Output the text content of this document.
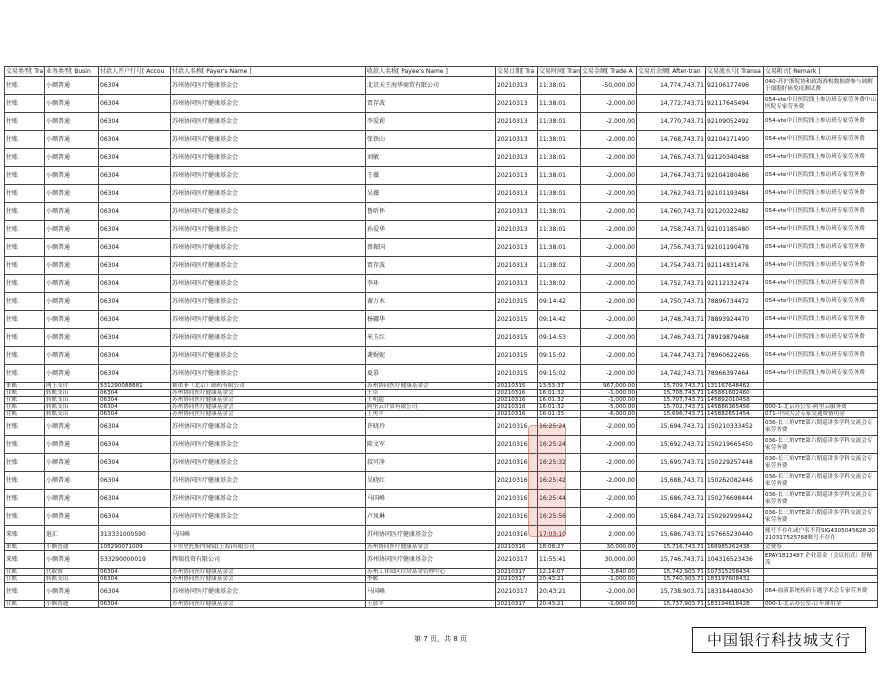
交易类型[ Tra	业务类型[ Busin	付款人开户行号[ Accou	付款人名称[ Payer's Name ]	收款人名称[ Payee's Name ]	交易日期[ Tra	交易时间[ Tran	交易金额[ Trade A	交易后余额[ After-tran	交易流水号[ Transa	交易附言[ Remark ]
往账	小额普通	06304	苏州协同医疗健康基金会	北京天王海华商贸有限公司	20210313	11:38:01	-50,000.00	14,774,743.71	92106177496	040-苏沪浙皖协和政海淮根数据群参与调解于细胞肝癌免疫测试费
往账	小额普通	06304	苏州协同医疗健康基金会	贾存波	20210313	11:38:01	-2,000.00	14,772,743.71	92117645494	054-vte中日医院线上参访班专家劳务费中山医院专家劳务费
往账	小额普通	06304	苏州协同医疗健康基金会	李爱莉	20210313	11:38:01	-2,000.00	14,770,743.71	92109052492	054-vte中日医院线上参访班专家劳务费
往账	小额普通	06304	苏州协同医疗健康基金会	张铁山	20210313	11:38:01	-2,000.00	14,768,743.71	92104171490	054-vte中日医院线上参访班专家劳务费
往账	小额普通	06304	苏州协同医疗健康基金会	刘敏	20210313	11:38:01	-2,000.00	14,766,743.71	92120340488	054-vte中日医院线上参访班专家劳务费
往账	小额普通	06304	苏州协同医疗健康基金会	王薇	20210313	11:38:01	-2,000.00	14,764,743.71	92104180486	054-vte中日医院线上参访班专家劳务费
往账	小额普通	06304	苏州协同医疗健康基金会	吴薇	20210313	11:38:01	-2,000.00	14,762,743.71	92101193484	054-vte中日医院线上参访班专家劳务费
往账	小额普通	06304	苏州协同医疗健康基金会	鲁昕怀	20210313	11:38:01	-2,000.00	14,760,743.71	92120322482	054-vte中日医院线上参访班专家劳务费
往账	小额普通	06304	苏州协同医疗健康基金会	孙爱华	20210313	11:38:01	-2,000.00	14,758,743.71	92101185480	054-vte中日医院线上参访班专家劳务费
往账	小额普通	06304	苏州协同医疗健康基金会	蔡振国	20210313	11:38:01	-2,000.00	14,756,743.71	92101190478	054-vte中日医院线上参访班专家劳务费
往账	小额普通	06304	苏州协同医疗健康基金会	贾存波	20210313	11:38:02	-2,000.00	14,754,743.71	92114831476	054-vte中日医院线上参访班专家劳务费
往账	小额普通	06304	苏州协同医疗健康基金会	李环	20210313	11:38:02	-2,000.00	14,752,743.71	92112132474	054-vte中日医院线上参访班专家劳务费
往账	小额普通	06304	苏州协同医疗健康基金会	谢万木	20210315	09:14:42	-2,000.00	14,750,743.71	78896734472	054-vte中日医院线上参访班专家劳务费
往账	小额普通	06304	苏州协同医疗健康基金会	杨娜华	20210315	09:14:42	-2,000.00	14,748,743.71	78893924470	054-vte中日医院线上参访班专家劳务费
往账	小额普通	06304	苏州协同医疗健康基金会	米玉红	20210315	09:14:53	-2,000.00	14,746,743.71	78919879468	054-vte中日医院线上参访班专家劳务费
往账	小额普通	06304	苏州协同医疗健康基金会	龚娓妮	20210315	09:15:02	-2,000.00	14,744,743.71	78960622466	054-vte中日医院线上参访班专家劳务费
往账	小额普通	06304	苏州协同医疗健康基金会	夏慕	20210315	09:15:02	-2,000.00	14,742,743.71	78966397464	054-vte中日医院线上参访班专家劳务费
来账	网上支付	531290088881	赛诺菲（北京）制药有限公司	苏州协同医疗健康基金会	20210315	13:53:37	967,000.00	15,709,743.71	131167648462	
往账	转账支出	06304	苏州协同医疗健康基金会	王卓	20210316	16:01:32	-1,000.00	15,708,743.71	145881602460	
往账	转账支出	06304	苏州协同医疗健康基金会	王明超	20210316	16:01:32	-1,000.00	15,707,743.71	145892010458	
往账	转账支出	06304	苏州协同医疗健康基金会	阿里云计算有限公司	20210316	16:01:32	-5,000.00	15,702,743.71	145886365456	000-1-北京办公室-阿里云服务费
往账	转账支出	06304	苏州协同医疗健康基金会	王勇平	20210316	16:01:35	-6,000.00	15,696,743.71	145882651454	071-中国大会专家交通费备用金
往账	小额普通	06304	苏州协同医疗健康基金会	许晓玲	20210316	16:25:24	-2,000.00	15,694,743.71	150210333452	036-长三角VTE第六期巡讲多学科交流会专家劳务费
往账	小额普通	06304	苏州协同医疗健康基金会	陈文军	20210316	16:25:24	-2,000.00	15,692,743.71	150219665450	036-长三角VTE第六期巡讲多学科交流会专家劳务费
往账	小额普通	06304	苏州协同医疗健康基金会	叔可净	20210316	16:25:32	-2,000.00	15,690,743.71	150229257448	036-长三角VTE第六期巡讲多学科交流会专家劳务费
往账	小额普通	06304	苏州协同医疗健康基金会	吴晓红	20210316	16:25:42	-2,000.00	15,688,743.71	150262082446	036-长三角VTE第六期巡讲多学科交流会专家劳务费
往账	小额普通	06304	苏州协同医疗健康基金会	马国峰	20210316	16:25:44	-2,000.00	15,686,743.71	150276698444	036-长三角VTE第六期巡讲多学科交流会专家劳务费
往账	小额普通	06304	苏州协同医疗健康基金会	卢凤琳	20210316	16:25:56	-2,000.00	15,684,743.71	150292999442	036-长三角VTE第六期巡讲多学科交流会专家劳务费
来账	退汇	313331000590	马国峰	苏州协同医疗健康基金会	20210316	17:03:10	2,000.00	15,686,743.71	157665230440	账号不存在或户名不符SIG4305045628 20210317525768账号不存在
来账	小额普通	105290071009	卡尔史托斯内窥镜(上海)有限公司	苏州协同医疗健康基金会	20210316	18:08:27	30,000.00	15,716,743.71	168985262438	会费券
来账	小额普通	533290000019	辉瑞投资有限公司	苏州协同医疗健康基金会	20210317	11:55:41	30,000.00	15,746,743.71	104316523436	EPAY1813487 企业基金（会议扣式）舒精茂
往账	代收费	06304	苏州协同医疗健康基金会	苏州工业园区住房基金管理中心	20210317	12:14:07	-3,840.00	15,742,903.71	107315258434	
往账	转账支出	06304	苏州协同医疗健康基金会	李暖	20210317	20:43:21	-1,000.00	15,740,903.71	183197608432	
往账	小额普通	06304	苏州协同医疗健康基金会	马国峰	20210317	20:43:21	-2,000.00	15,738,903.71	183184480430	064-血液系统疾病专题学术会专家劳务费
往账	小额普通	06304	苏州协同医疗健康基金会	王晨平	20210317	20:43:21	-1,000.00	15,737,903.71	183194618428	000-1-北京办公室-订车备用金
第 7 页，共 8 页	中国银行科技城支行
